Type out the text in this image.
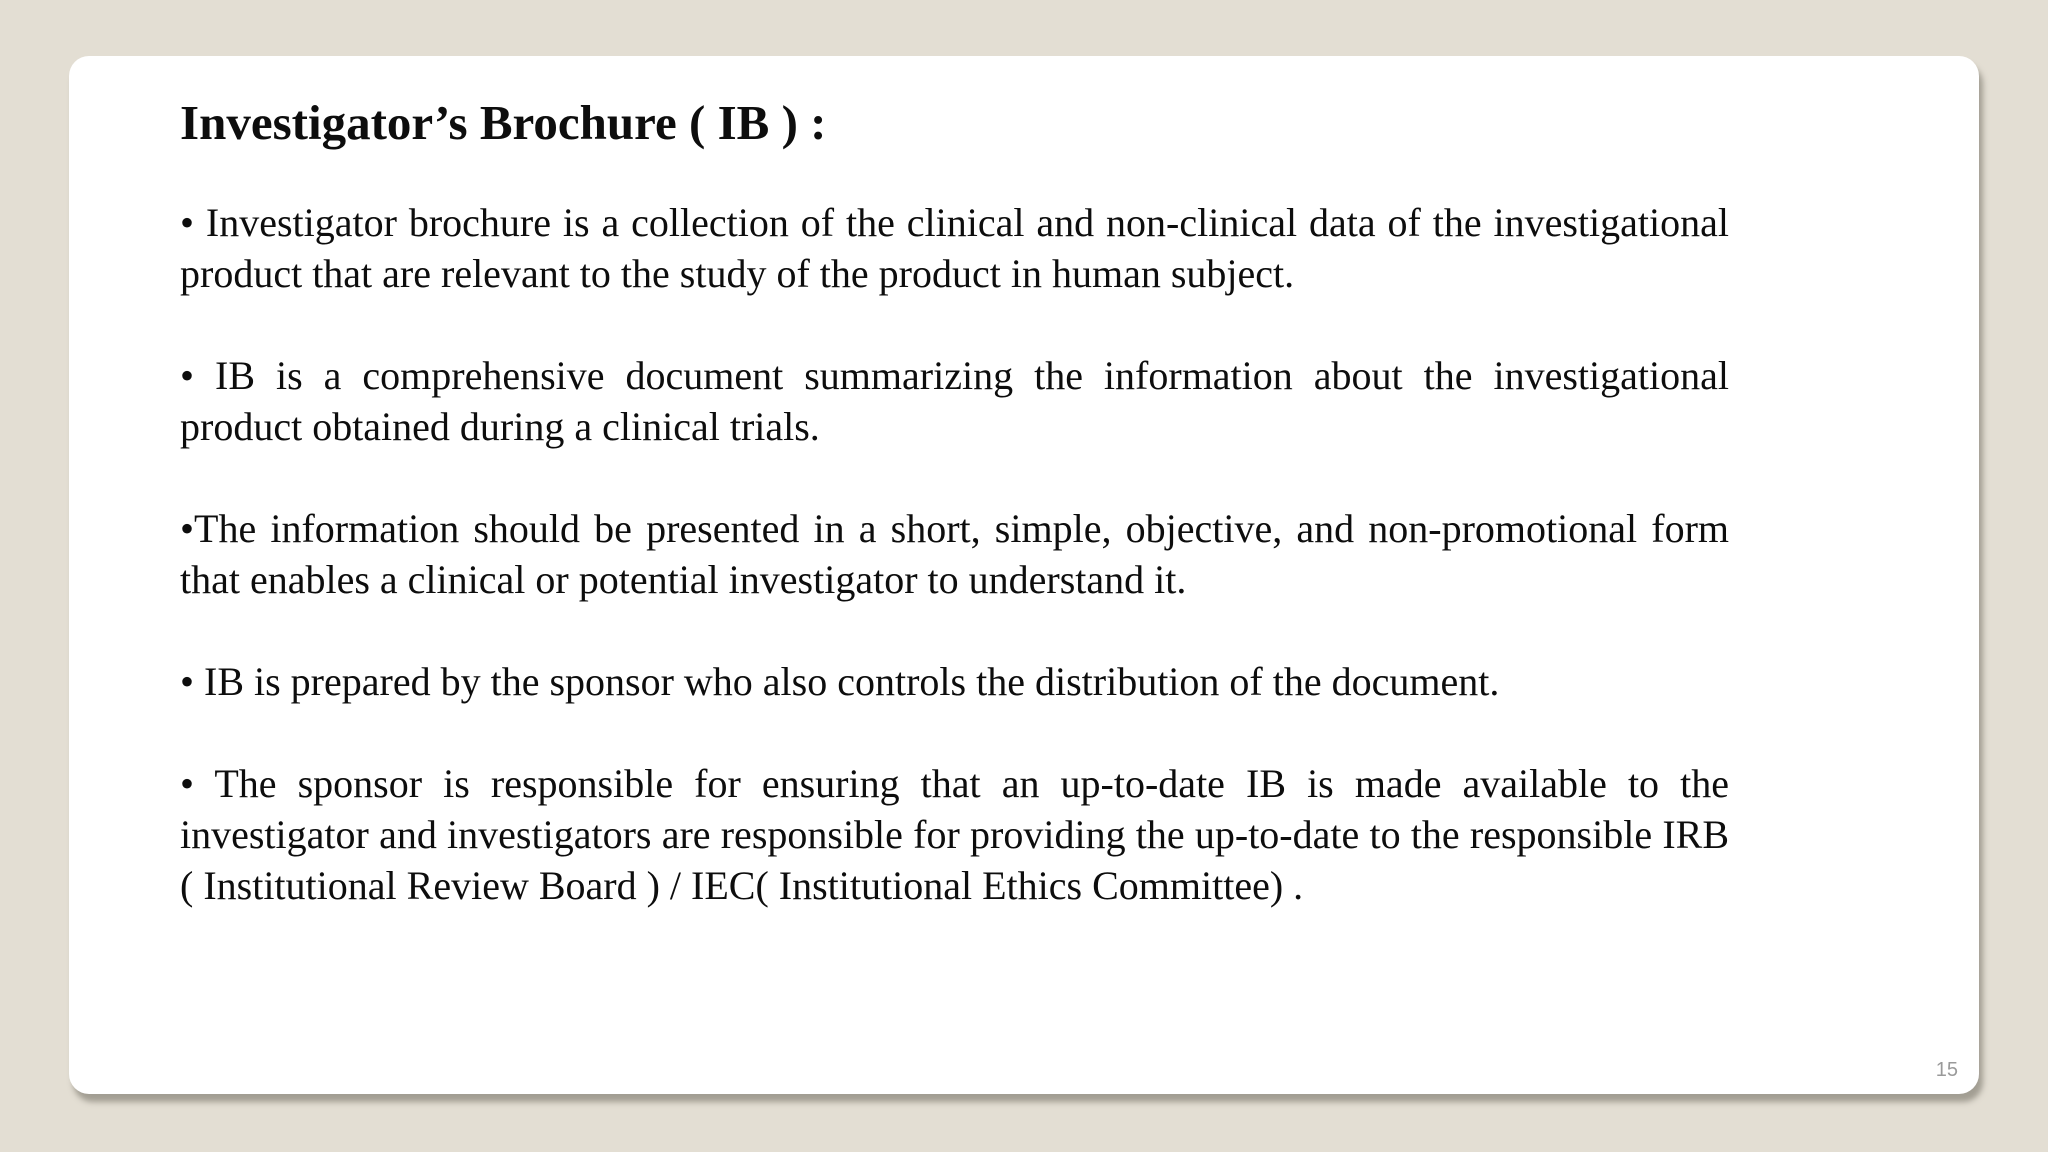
Investigator’s Brochure ( IB ) :
• Investigator brochure is a collection of the clinical and non-clinical data of the investigational product that are relevant to the study of the product in human subject.
• IB is a comprehensive document summarizing the information about the investigational product obtained during a clinical trials.
•The information should be presented in a short, simple, objective, and non-promotional form that enables a clinical or potential investigator to understand it.
• IB is prepared by the sponsor who also controls the distribution of the document.
• The sponsor is responsible for ensuring that an up-to-date IB is made available to the investigator and investigators are responsible for providing the up-to-date to the responsible IRB ( Institutional Review Board ) / IEC( Institutional Ethics Committee) .
15
